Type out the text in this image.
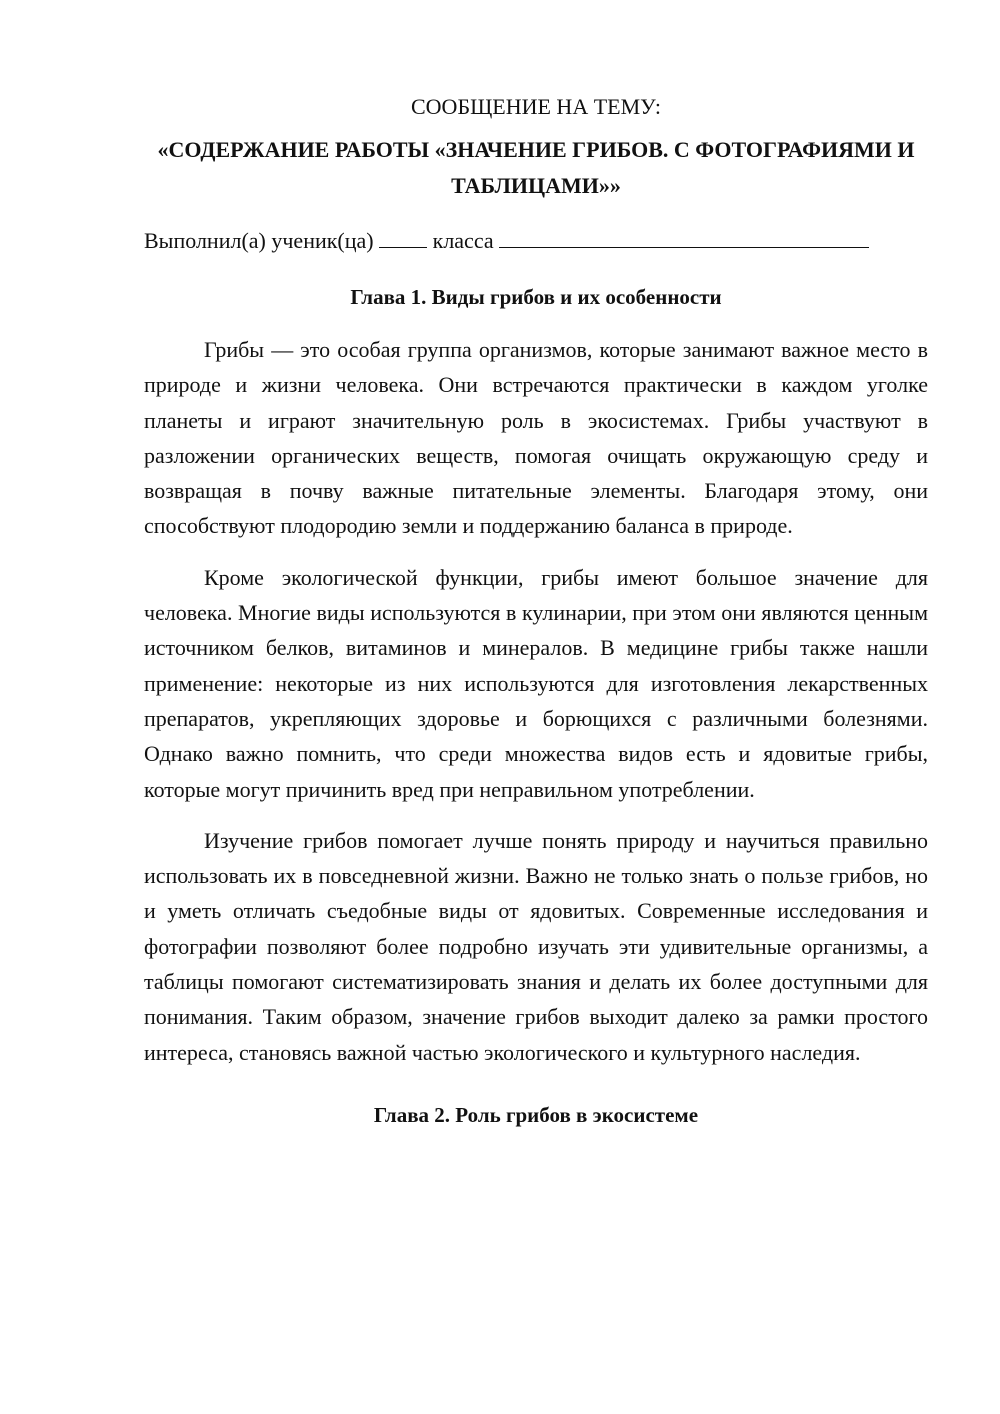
СООБЩЕНИЕ НА ТЕМУ:

«СОДЕРЖАНИЕ РАБОТЫ «ЗНАЧЕНИЕ ГРИБОВ. С ФОТОГРАФИЯМИ И ТАБЛИЦАМИ»»

Выполнил(а) ученик(ца)	класса

Глава 1. Виды грибов и их особенности

Грибы — это особая группа организмов, которые занимают важное место в природе и жизни человека. Они встречаются практически в каждом уголке планеты и играют значительную роль в экосистемах. Грибы участвуют в разложении органических веществ, помогая очищать окружающую среду и возвращая в почву важные питательные элементы. Благодаря этому, они способствуют плодородию земли и поддержанию баланса в природе.

Кроме экологической функции, грибы имеют большое значение для человека. Многие виды используются в кулинарии, при этом они являются ценным источником белков, витаминов и минералов. В медицине грибы также нашли применение: некоторые из них используются для изготовления лекарственных препаратов, укрепляющих здоровье и борющихся с различными болезнями. Однако важно помнить, что среди множества видов есть и ядовитые грибы, которые могут причинить вред при неправильном употреблении.

Изучение грибов помогает лучше понять природу и научиться правильно использовать их в повседневной жизни. Важно не только знать о пользе грибов, но и уметь отличать съедобные виды от ядовитых. Современные исследования и фотографии позволяют более подробно изучать эти удивительные организмы, а таблицы помогают систематизировать знания и делать их более доступными для понимания. Таким образом, значение грибов выходит далеко за рамки простого интереса, становясь важной частью экологического и культурного наследия.

Глава 2. Роль грибов в экосистеме
